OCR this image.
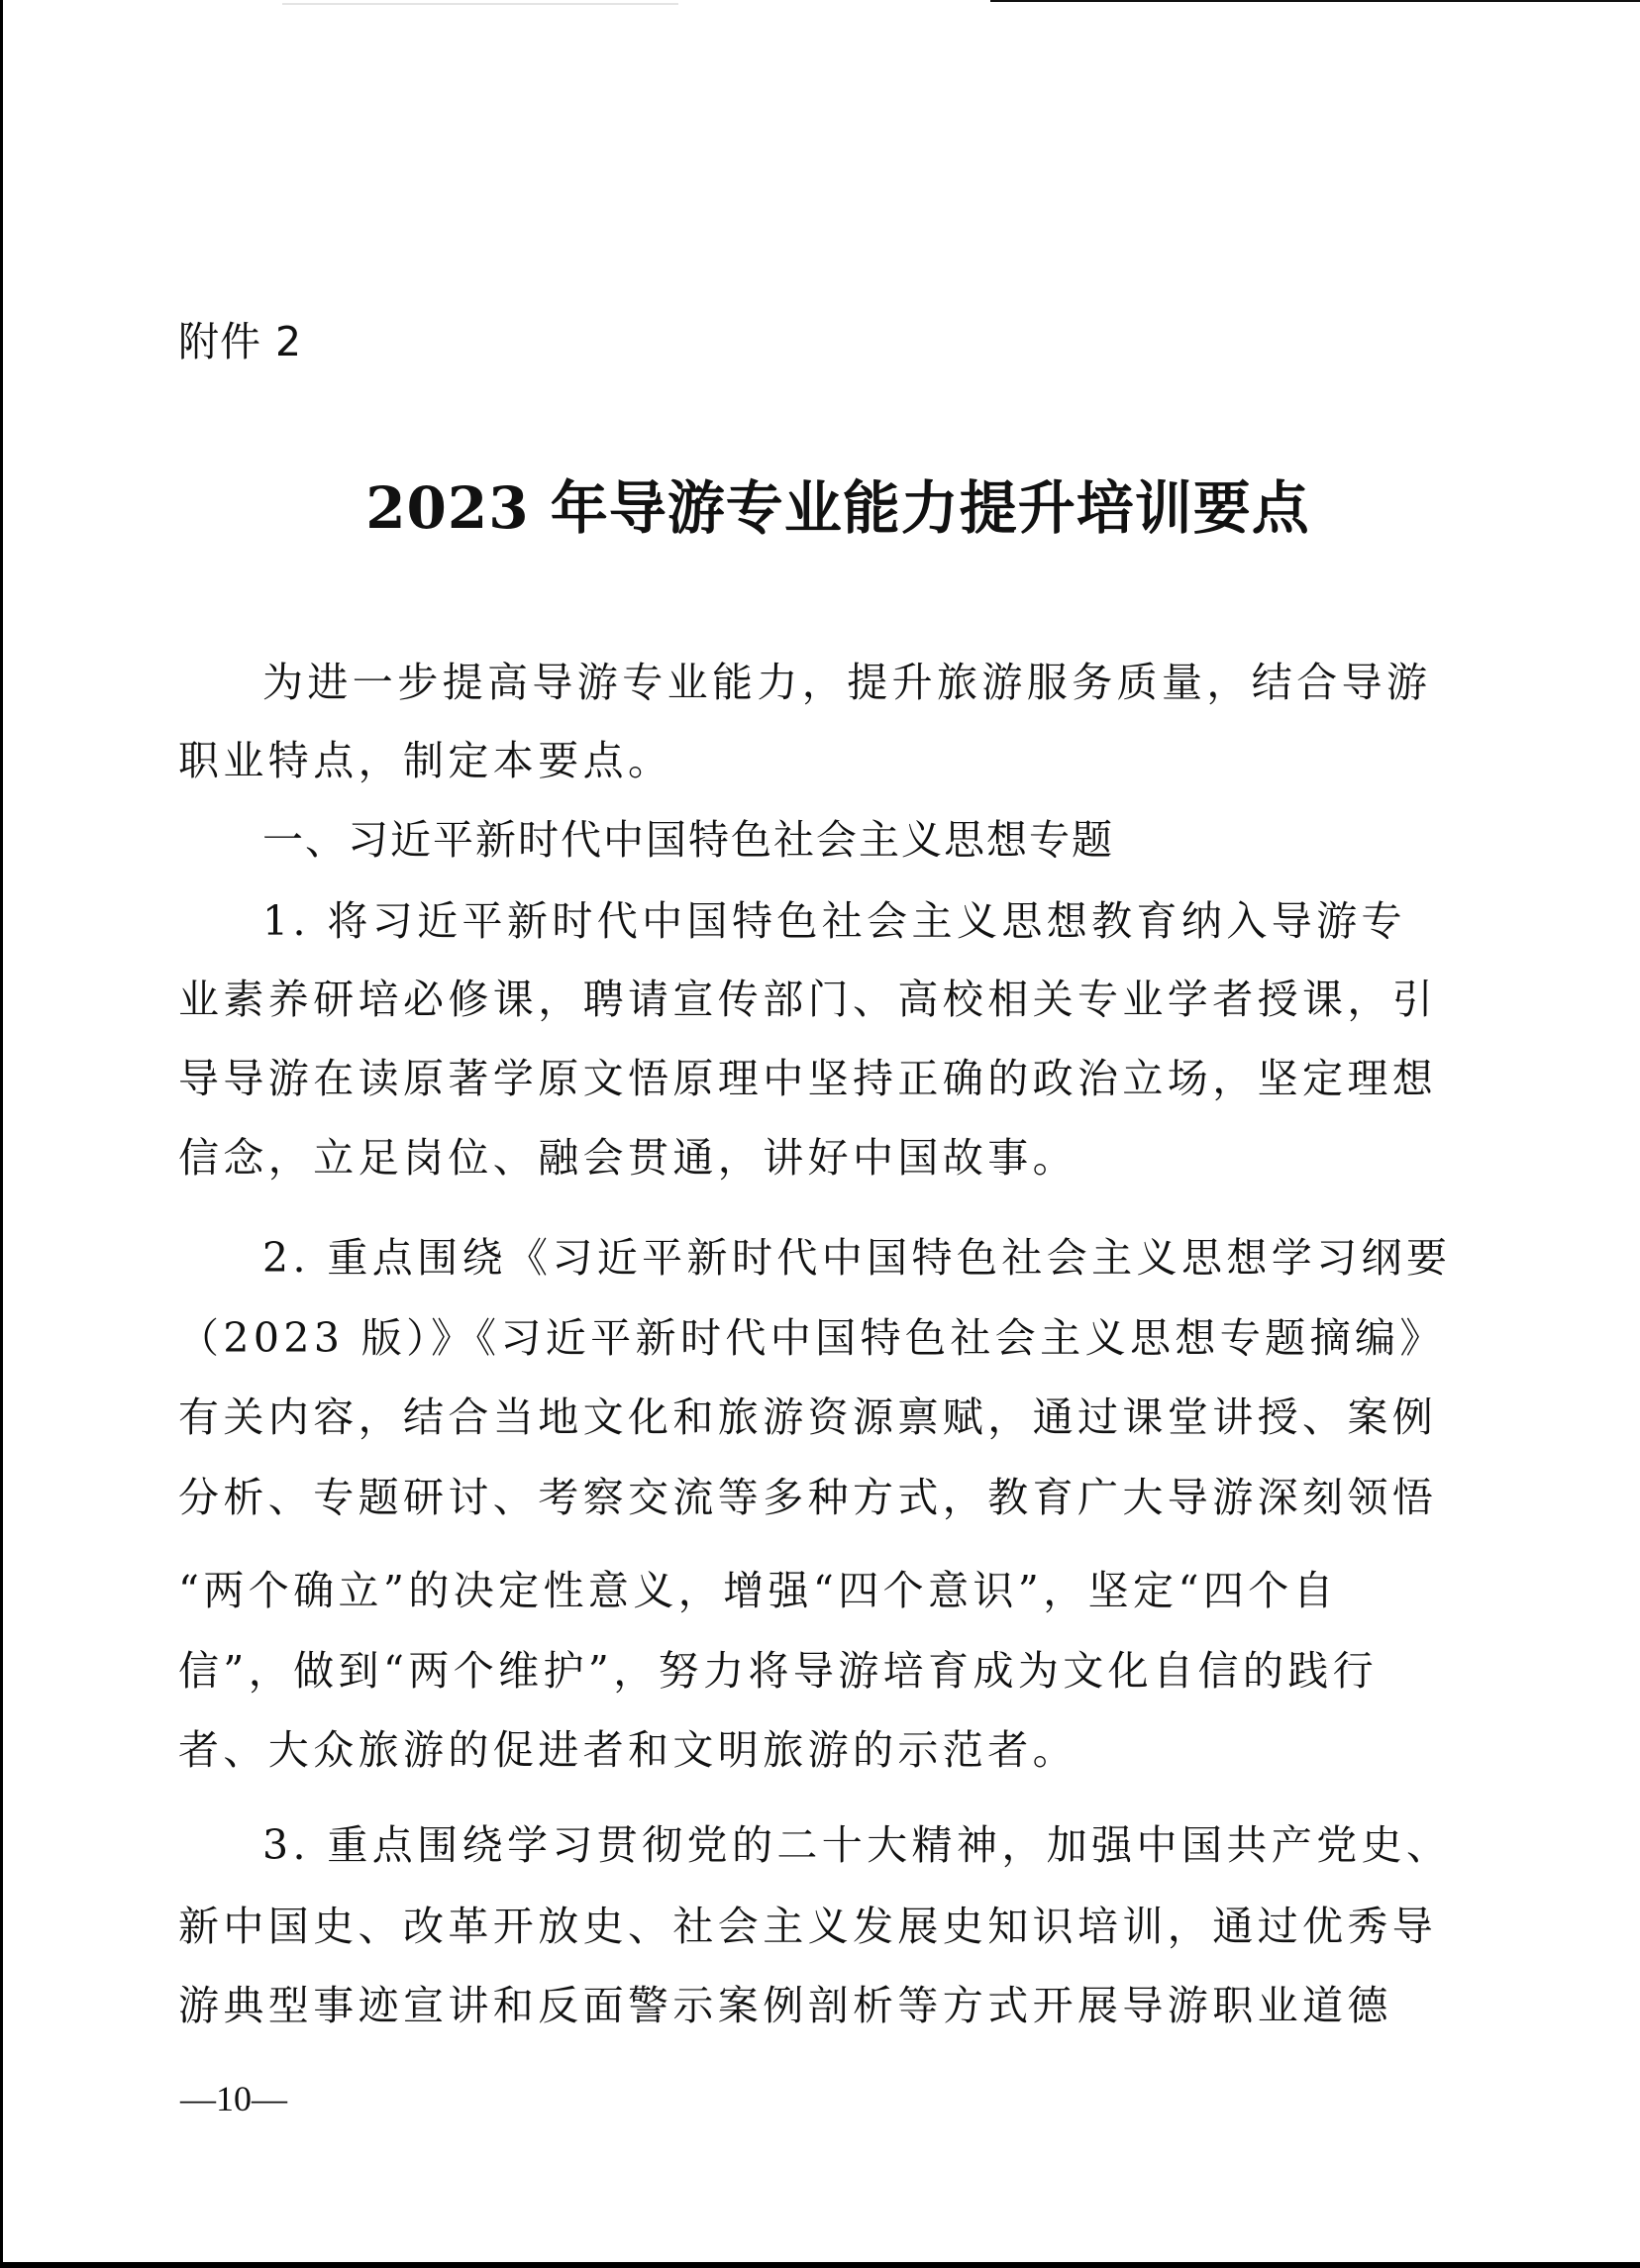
附件 2
2023 年导游专业能力提升培训要点
为进一步提高导游专业能力，提升旅游服务质量，结合导游
职业特点，制定本要点。
一、习近平新时代中国特色社会主义思想专题
1. 将习近平新时代中国特色社会主义思想教育纳入导游专
业素养研培必修课，聘请宣传部门、高校相关专业学者授课，引
导导游在读原著学原文悟原理中坚持正确的政治立场，坚定理想
信念，立足岗位、融会贯通，讲好中国故事。
2. 重点围绕《习近平新时代中国特色社会主义思想学习纲要
（2023 版）》《习近平新时代中国特色社会主义思想专题摘编》
有关内容，结合当地文化和旅游资源禀赋，通过课堂讲授、案例
分析、专题研讨、考察交流等多种方式，教育广大导游深刻领悟
“两个确立”的决定性意义，增强“四个意识”，坚定“四个自
信”，做到“两个维护”，努力将导游培育成为文化自信的践行
者、大众旅游的促进者和文明旅游的示范者。
3. 重点围绕学习贯彻党的二十大精神，加强中国共产党史、
新中国史、改革开放史、社会主义发展史知识培训，通过优秀导
游典型事迹宣讲和反面警示案例剖析等方式开展导游职业道德
—10—
